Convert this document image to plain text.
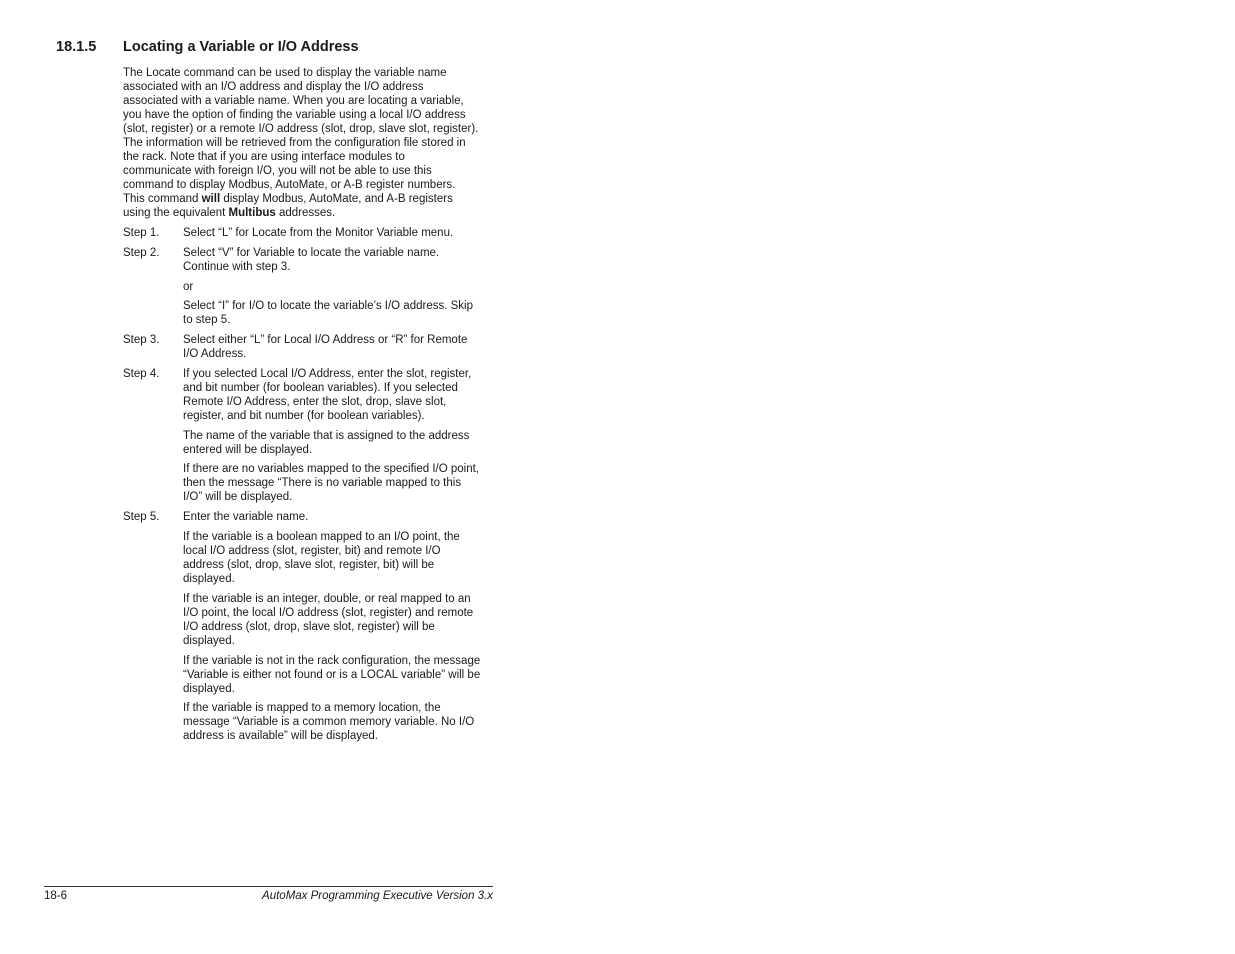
18.1.5 Locating a Variable or I/O Address
The Locate command can be used to display the variable name
associated with an I/O address and display the I/O address
associated with a variable name. When you are locating a variable,
you have the option of finding the variable using a local I/O address
(slot, register) or a remote I/O address (slot, drop, slave slot, register).
The information will be retrieved from the configuration file stored in
the rack. Note that if you are using interface modules to
communicate with foreign I/O, you will not be able to use this
command to display Modbus, AutoMate, or A-B register numbers.
This command will display Modbus, AutoMate, and A-B registers
using the equivalent Multibus addresses.
Step 1. Select “L” for Locate from the Monitor Variable menu.
Step 2. Select “V” for Variable to locate the variable name.
Continue with step 3.
or
Select “I” for I/O to locate the variable’s I/O address. Skip
to step 5.
Step 3. Select either “L” for Local I/O Address or “R” for Remote
I/O Address.
Step 4. If you selected Local I/O Address, enter the slot, register,
and bit number (for boolean variables). If you selected
Remote I/O Address, enter the slot, drop, slave slot,
register, and bit number (for boolean variables).
The name of the variable that is assigned to the address
entered will be displayed.
If there are no variables mapped to the specified I/O point,
then the message “There is no variable mapped to this
I/O” will be displayed.
Step 5. Enter the variable name.
If the variable is a boolean mapped to an I/O point, the
local I/O address (slot, register, bit) and remote I/O
address (slot, drop, slave slot, register, bit) will be
displayed.
If the variable is an integer, double, or real mapped to an
I/O point, the local I/O address (slot, register) and remote
I/O address (slot, drop, slave slot, register) will be
displayed.
If the variable is not in the rack configuration, the message
“Variable is either not found or is a LOCAL variable” will be
displayed.
If the variable is mapped to a memory location, the
message “Variable is a common memory variable. No I/O
address is available” will be displayed.
18-6	AutoMax Programming Executive Version 3.x
